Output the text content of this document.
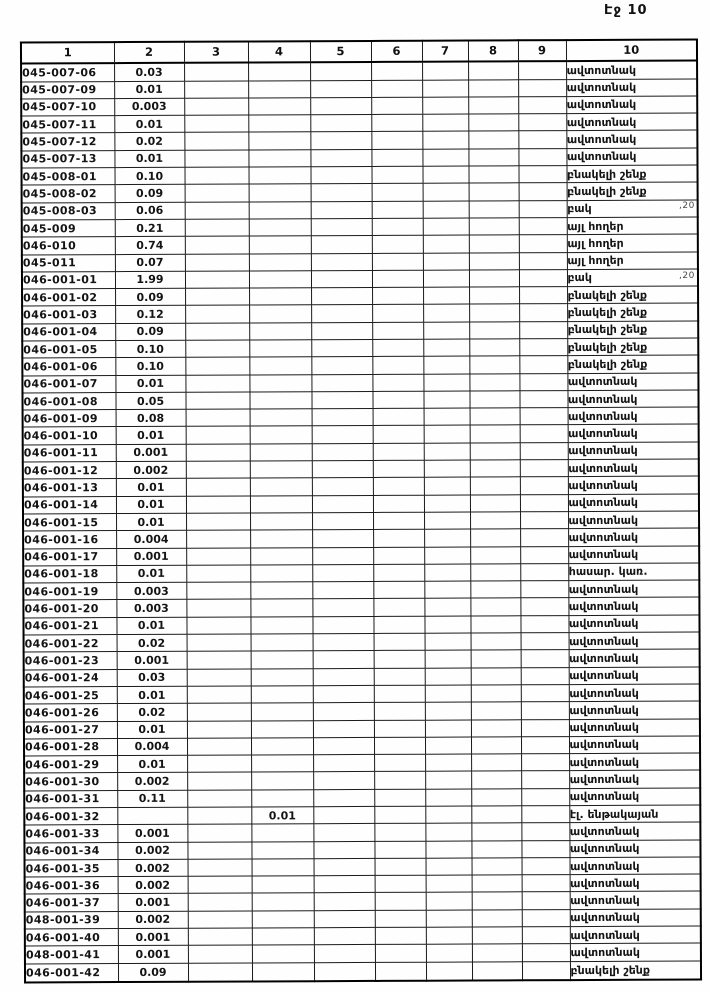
Էջ 10
1	2	3	4	5	6	7	8	9	10
045-007-06	0.03								ավտոտնակ
045-007-09	0.01								ավտոտնակ
045-007-10	0.003								ավտոտնակ
045-007-11	0.01								ավտոտնակ
045-007-12	0.02								ավտոտնակ
045-007-13	0.01								ավտոտնակ
045-008-01	0.10								բնակելի շենք
045-008-02	0.09								բնակելի շենք
045-008-03	0.06								բակ
045-009	0.21								այլ հողեր
046-010	0.74								այլ հողեր
045-011	0.07								այլ հողեր
046-001-01	1.99								բակ
046-001-02	0.09								բնակելի շենք
046-001-03	0.12								բնակելի շենք
046-001-04	0.09								բնակելի շենք
046-001-05	0.10								բնակելի շենք
046-001-06	0.10								բնակելի շենք
046-001-07	0.01								ավտոտնակ
046-001-08	0.05								ավտոտնակ
046-001-09	0.08								ավտոտնակ
046-001-10	0.01								ավտոտնակ
046-001-11	0.001								ավտոտնակ
046-001-12	0.002								ավտոտնակ
046-001-13	0.01								ավտոտնակ
046-001-14	0.01								ավտոտնակ
046-001-15	0.01								ավտոտնակ
046-001-16	0.004								ավտոտնակ
046-001-17	0.001								ավտոտնակ
046-001-18	0.01								հասար. կառ.
046-001-19	0.003								ավտոտնակ
046-001-20	0.003								ավտոտնակ
046-001-21	0.01								ավտոտնակ
046-001-22	0.02								ավտոտնակ
046-001-23	0.001								ավտոտնակ
046-001-24	0.03								ավտոտնակ
046-001-25	0.01								ավտոտնակ
046-001-26	0.02								ավտոտնակ
046-001-27	0.01								ավտոտնակ
046-001-28	0.004								ավտոտնակ
046-001-29	0.01								ավտոտնակ
046-001-30	0.002								ավտոտնակ
046-001-31	0.11								ավտոտնակ
046-001-32			0.01						էլ. ենթակայան
046-001-33	0.001								ավտոտնակ
046-001-34	0.002								ավտոտնակ
046-001-35	0.002								ավտոտնակ
046-001-36	0.002								ավտոտնակ
046-001-37	0.001								ավտոտնակ
048-001-39	0.002								ավտոտնակ
046-001-40	0.001								ավտոտնակ
048-001-41	0.001								ավտոտնակ
046-001-42	0.09								բնակելի շենք
,20
,20
